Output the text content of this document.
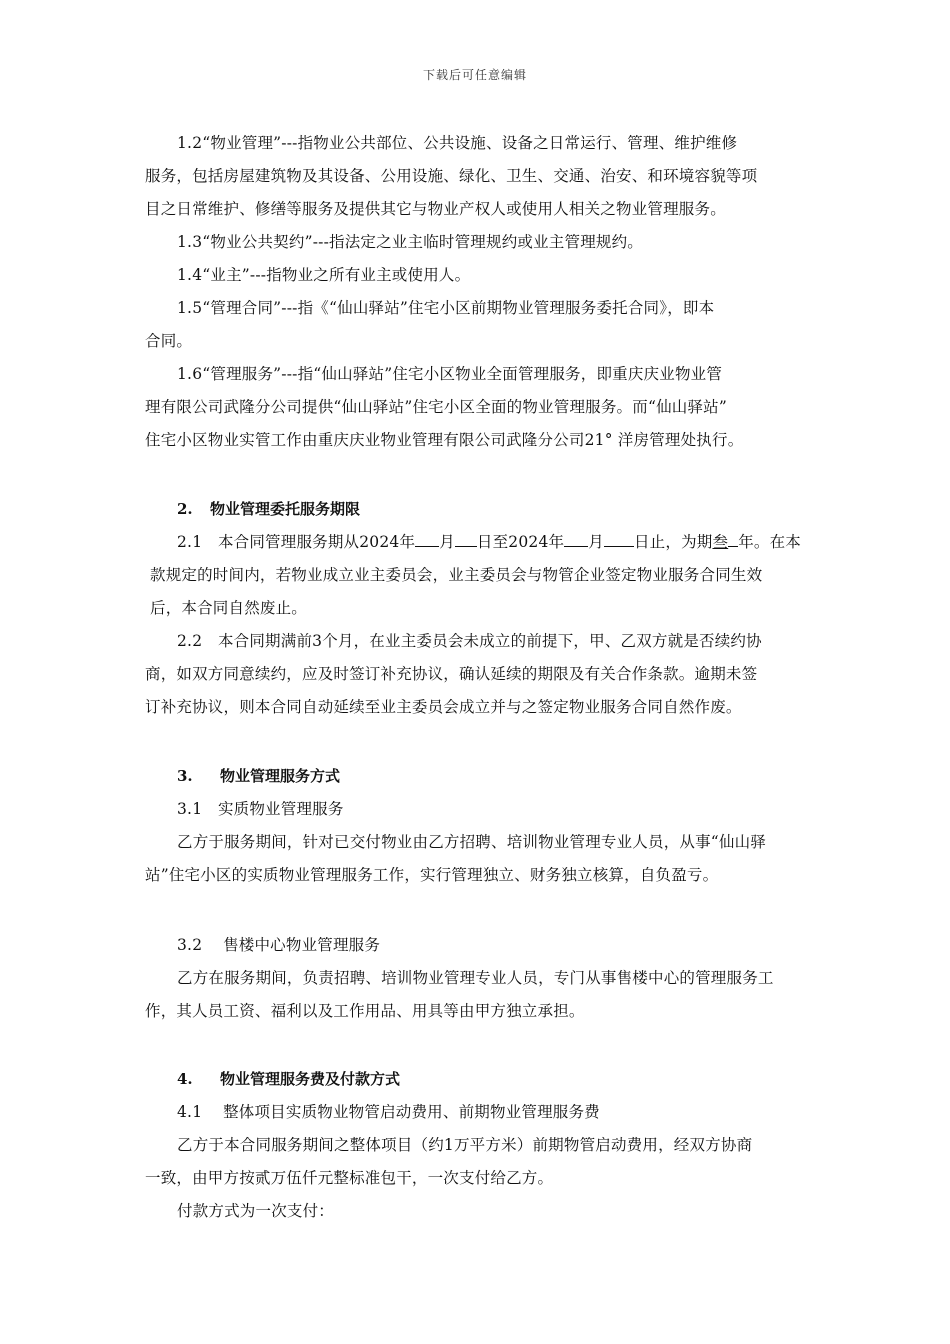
下载后可任意编辑
1.2“物业管理”---指物业公共部位、公共设施、设备之日常运行、管理、维护维修
服务，包括房屋建筑物及其设备、公用设施、绿化、卫生、交通、治安、和环境容貌等项
目之日常维护、修缮等服务及提供其它与物业产权人或使用人相关之物业管理服务。
1.3“物业公共契约”---指法定之业主临时管理规约或业主管理规约。
1.4“业主”---指物业之所有业主或使用人。
1.5“管理合同”---指《“仙山驿站”住宅小区前期物业管理服务委托合同》，即本
合同。
1.6“管理服务”---指“仙山驿站”住宅小区物业全面管理服务，即重庆庆业物业管
理有限公司武隆分公司提供“仙山驿站”住宅小区全面的物业管理服务。而“仙山驿站”
住宅小区物业实管工作由重庆庆业物业管理有限公司武隆分公司21° 洋房管理处执行。
2. 物业管理委托服务期限
2.1　本合同管理服务期从2024年 月 日至2024年 月 日止，为期叁 年。在本
款规定的时间内，若物业成立业主委员会，业主委员会与物管企业签定物业服务合同生效
后，本合同自然废止。
2.2　本合同期满前3个月，在业主委员会未成立的前提下，甲、乙双方就是否续约协
商，如双方同意续约，应及时签订补充协议，确认延续的期限及有关合作条款。逾期未签
订补充协议，则本合同自动延续至业主委员会成立并与之签定物业服务合同自然作废。
3. 物业管理服务方式
3.1　实质物业管理服务
乙方于服务期间，针对已交付物业由乙方招聘、培训物业管理专业人员，从事“仙山驿
站”住宅小区的实质物业管理服务工作，实行管理独立、财务独立核算，自负盈亏。
3.2　 售楼中心物业管理服务
乙方在服务期间，负责招聘、培训物业管理专业人员，专门从事售楼中心的管理服务工
作，其人员工资、福利以及工作用品、用具等由甲方独立承担。
4. 物业管理服务费及付款方式
4.1　 整体项目实质物业物管启动费用、前期物业管理服务费
乙方于本合同服务期间之整体项目（约1万平方米）前期物管启动费用，经双方协商
一致，由甲方按贰万伍仟元整标准包干，一次支付给乙方。
付款方式为一次支付：
